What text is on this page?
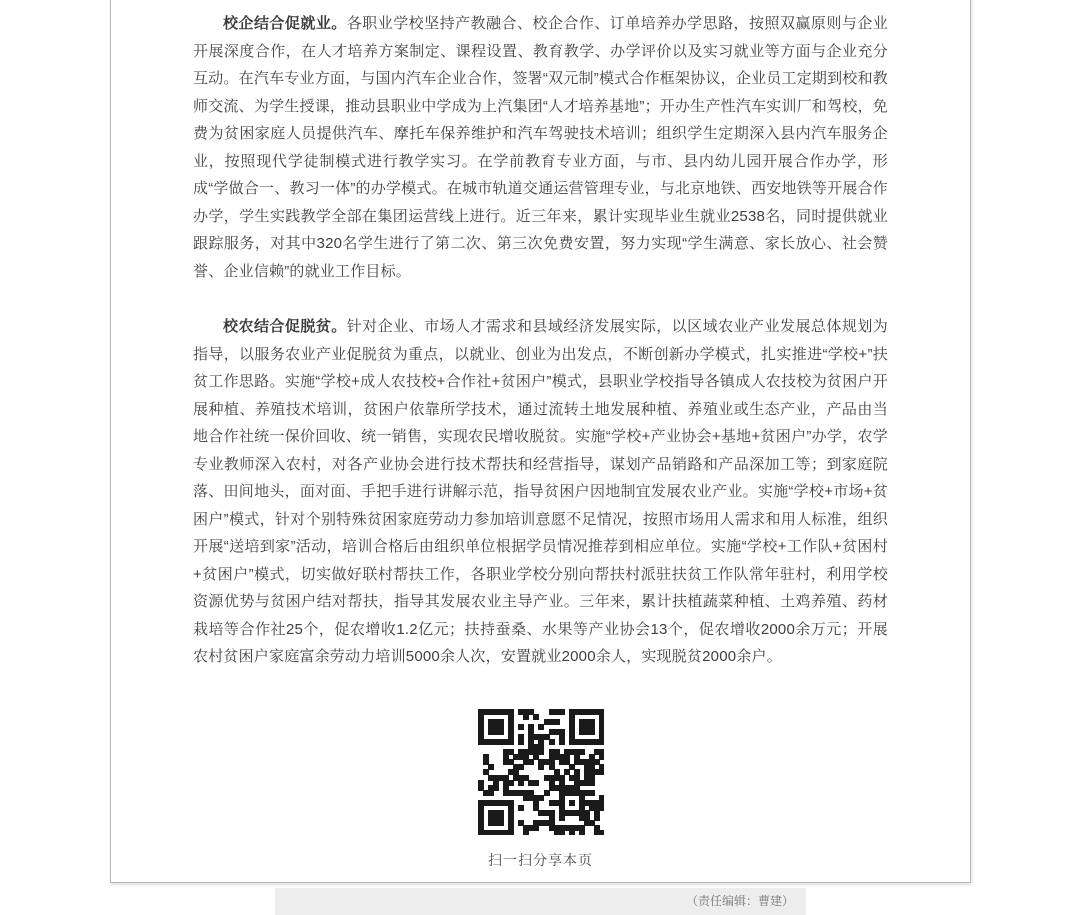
校企结合促就业。各职业学校坚持产教融合、校企合作、订单培养办学思路，按照双赢原则与企业开展深度合作，在人才培养方案制定、课程设置、教育教学、办学评价以及实习就业等方面与企业充分互动。在汽车专业方面，与国内汽车企业合作，签署“双元制”模式合作框架协议，企业员工定期到校和教师交流、为学生授课，推动县职业中学成为上汽集团“人才培养基地”；开办生产性汽车实训厂和驾校，免费为贫困家庭人员提供汽车、摩托车保养维护和汽车驾驶技术培训；组织学生定期深入县内汽车服务企业，按照现代学徒制模式进行教学实习。在学前教育专业方面，与市、县内幼儿园开展合作办学，形成“学做合一、教习一体”的办学模式。在城市轨道交通运营管理专业，与北京地铁、西安地铁等开展合作办学，学生实践教学全部在集团运营线上进行。近三年来，累计实现毕业生就业2538名，同时提供就业跟踪服务，对其中320名学生进行了第二次、第三次免费安置，努力实现“学生满意、家长放心、社会赞誉、企业信赖”的就业工作目标。

校农结合促脱贫。针对企业、市场人才需求和县域经济发展实际，以区域农业产业发展总体规划为指导，以服务农业产业促脱贫为重点，以就业、创业为出发点，不断创新办学模式，扎实推进“学校+”扶贫工作思路。实施“学校+成人农技校+合作社+贫困户”模式，县职业学校指导各镇成人农技校为贫困户开展种植、养殖技术培训，贫困户依靠所学技术，通过流转土地发展种植、养殖业或生态产业，产品由当地合作社统一保价回收、统一销售，实现农民增收脱贫。实施“学校+产业协会+基地+贫困户”办学，农学专业教师深入农村，对各产业协会进行技术帮扶和经营指导，谋划产品销路和产品深加工等；到家庭院落、田间地头，面对面、手把手进行讲解示范，指导贫困户因地制宜发展农业产业。实施“学校+市场+贫困户”模式，针对个别特殊贫困家庭劳动力参加培训意愿不足情况，按照市场用人需求和用人标准，组织开展“送培到家”活动，培训合格后由组织单位根据学员情况推荐到相应单位。实施“学校+工作队+贫困村+贫困户”模式，切实做好联村帮扶工作，各职业学校分别向帮扶村派驻扶贫工作队常年驻村，利用学校资源优势与贫困户结对帮扶，指导其发展农业主导产业。三年来，累计扶植蔬菜种植、土鸡养殖、药材栽培等合作社25个，促农增收1.2亿元；扶持蚕桑、水果等产业协会13个，促农增收2000余万元；开展农村贫困户家庭富余劳动力培训5000余人次，安置就业2000余人，实现脱贫2000余户。

扫一扫分享本页
（责任编辑：曹建）
